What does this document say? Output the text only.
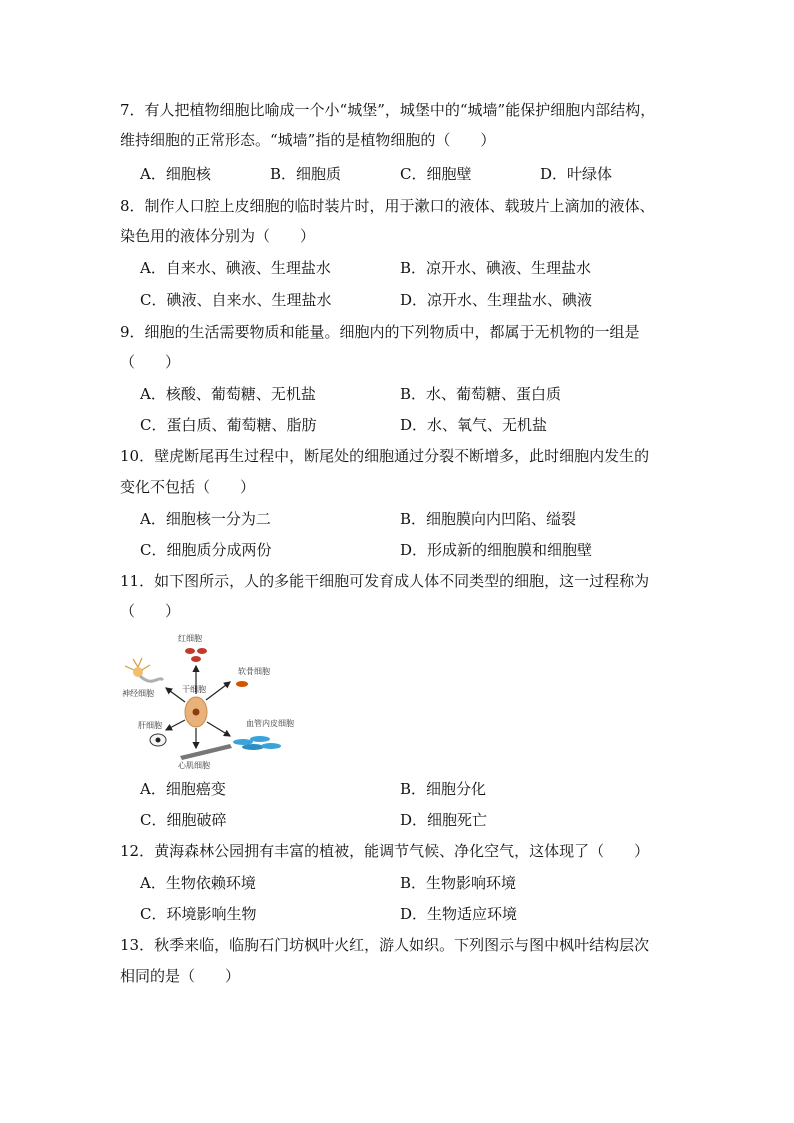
7．有人把植物细胞比喻成一个小“城堡”，城堡中的“城墙”能保护细胞内部结构，
维持细胞的正常形态。“城墙”指的是植物细胞的（　　）
A．细胞核	B．细胞质	C．细胞壁	D．叶绿体
8．制作人口腔上皮细胞的临时装片时，用于漱口的液体、载玻片上滴加的液体、
染色用的液体分别为（　　）
A．自来水、碘液、生理盐水	B．凉开水、碘液、生理盐水
C．碘液、自来水、生理盐水	D．凉开水、生理盐水、碘液
9．细胞的生活需要物质和能量。细胞内的下列物质中，都属于无机物的一组是
（　　）
A．核酸、葡萄糖、无机盐	B．水、葡萄糖、蛋白质
C．蛋白质、葡萄糖、脂肪	D．水、氧气、无机盐
10．壁虎断尾再生过程中，断尾处的细胞通过分裂不断增多，此时细胞内发生的
变化不包括（　　）
A．细胞核一分为二	B．细胞膜向内凹陷、缢裂
C．细胞质分成两份	D．形成新的细胞膜和细胞壁
11．如下图所示，人的多能干细胞可发育成人体不同类型的细胞，这一过程称为
（　　）
干细胞
红细胞
软骨细胞
神经细胞
肝细胞	血管内皮细胞
心肌细胞
A．细胞癌变	B．细胞分化
C．细胞破碎	D．细胞死亡
12．黄海森林公园拥有丰富的植被，能调节气候、净化空气，这体现了（　　）
A．生物依赖环境	B．生物影响环境
C．环境影响生物	D．生物适应环境
13．秋季来临，临朐石门坊枫叶火红，游人如织。下列图示与图中枫叶结构层次
相同的是（　　）
